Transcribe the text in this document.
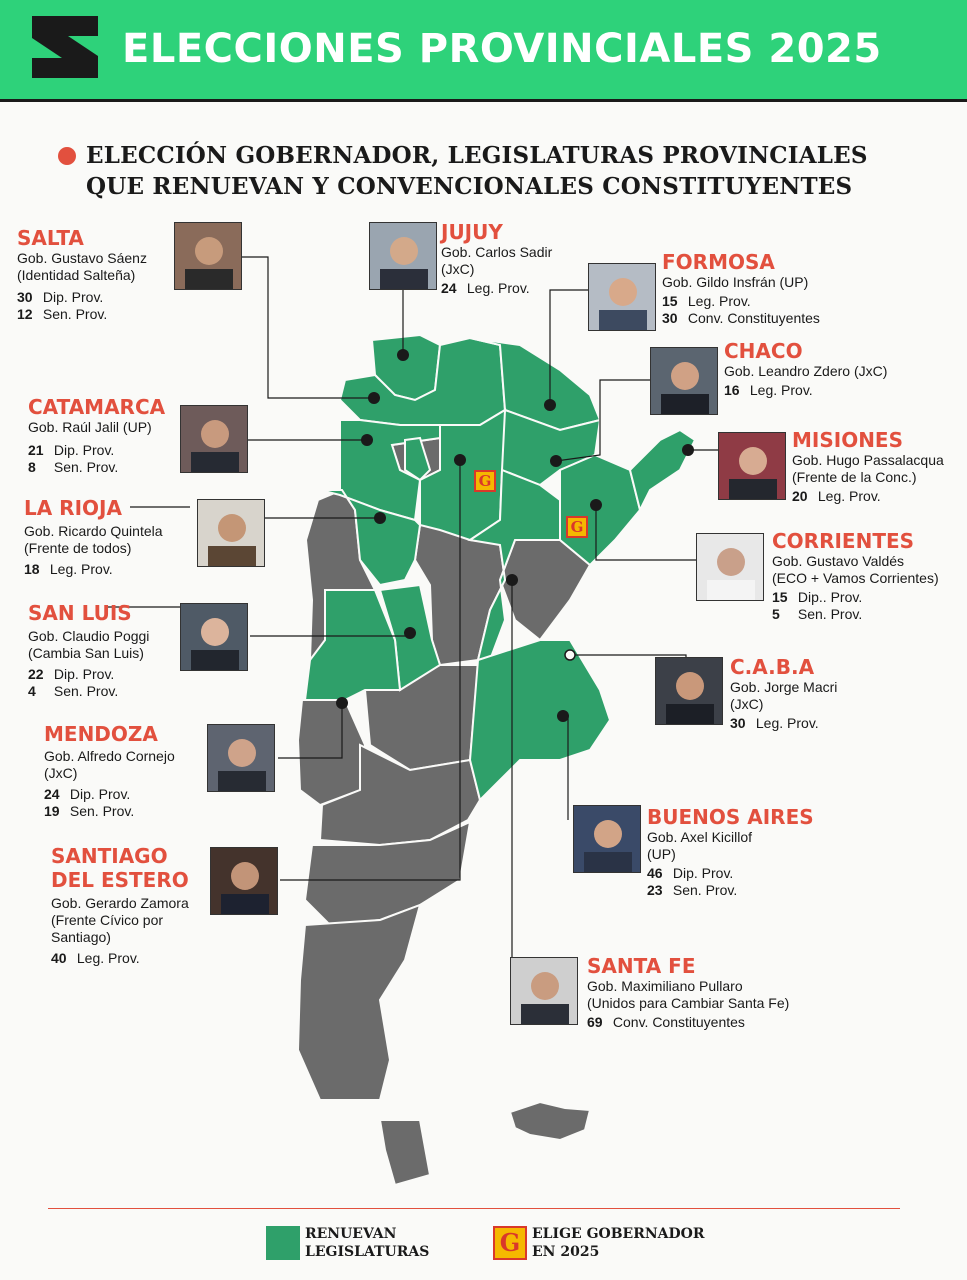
ELECCIONES PROVINCIALES 2025
ELECCIÓN GOBERNADOR, LEGISLATURAS PROVINCIALES
QUE RENUEVAN Y CONVENCIONALES CONSTITUYENTES
G
G
SALTA
Gob. Gustavo Sáenz
(Identidad Salteña)
30 Dip. Prov.
12 Sen. Prov.
JUJUY
Gob. Carlos Sadir
(JxC)
24 Leg. Prov.
FORMOSA
Gob. Gildo Insfrán (UP)
15 Leg. Prov.
30 Conv. Constituyentes
CHACO
Gob. Leandro Zdero (JxC)
16 Leg. Prov.
CATAMARCA
Gob. Raúl Jalil (UP)
21 Dip. Prov.
8 Sen. Prov.
MISIONES
Gob. Hugo Passalacqua
(Frente de la Conc.)
20 Leg. Prov.
LA RIOJA
Gob. Ricardo Quintela
(Frente de todos)
18 Leg. Prov.
CORRIENTES
Gob. Gustavo Valdés
(ECO + Vamos Corrientes)
15 Dip.. Prov.
5 Sen. Prov.
SAN LUIS
Gob. Claudio Poggi
(Cambia San Luis)
22 Dip. Prov.
4 Sen. Prov.
C.A.B.A
Gob. Jorge Macri
(JxC)
30 Leg. Prov.
MENDOZA
Gob. Alfredo Cornejo
(JxC)
24 Dip. Prov.
19 Sen. Prov.	BUENOS AIRES
Gob. Axel Kicillof
(UP)
46 Dip. Prov.
23 Sen. Prov.
SANTIAGO
DEL ESTERO
Gob. Gerardo Zamora
(Frente Cívico por
Santiago)
40 Leg. Prov.	SANTA FE
Gob. Maximiliano Pullaro
(Unidos para Cambiar Santa Fe)
69 Conv. Constituyentes
RENUEVAN
LEGISLATURAS	G ELIGE GOBERNADOR
EN 2025
